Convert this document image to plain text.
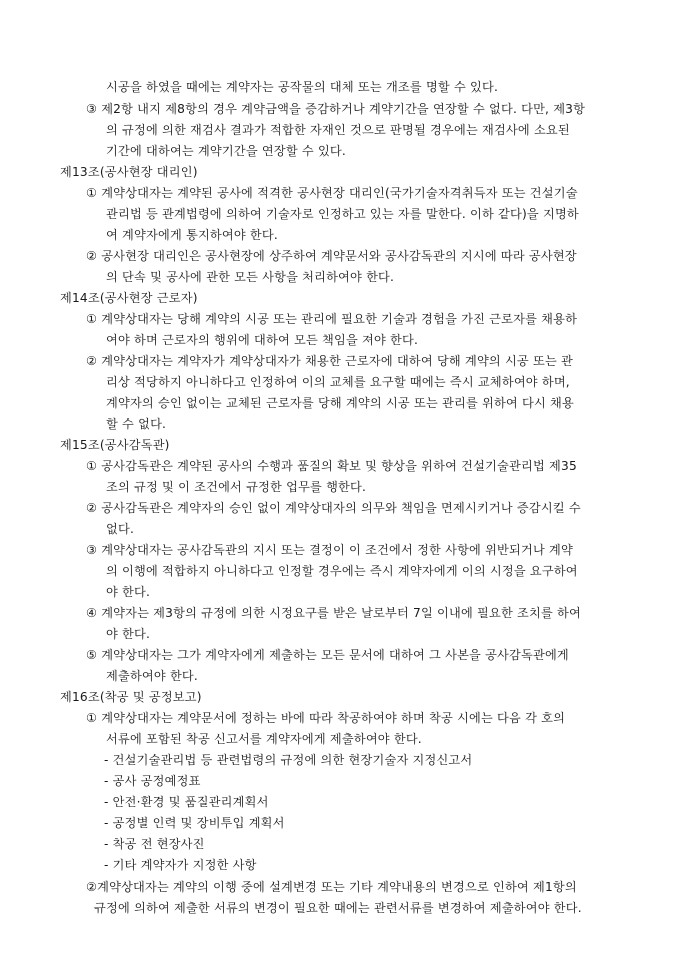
시공을 하였을 때에는 계약자는 공작물의 대체 또는 개조를 명할 수 있다.
③ 제2항 내지 제8항의 경우 계약금액을 증감하거나 계약기간을 연장할 수 없다. 다만, 제3항
의 규정에 의한 재검사 결과가 적합한 자재인 것으로 판명될 경우에는 재검사에 소요된
기간에 대하여는 계약기간을 연장할 수 있다.
제13조(공사현장 대리인)
① 계약상대자는 계약된 공사에 적격한 공사현장 대리인(국가기술자격취득자 또는 건설기술
관리법 등 관계법령에 의하여 기술자로 인정하고 있는 자를 말한다. 이하 같다)을 지명하
여 계약자에게 통지하여야 한다.
② 공사현장 대리인은 공사현장에 상주하여 계약문서와 공사감독관의 지시에 따라 공사현장
의 단속 및 공사에 관한 모든 사항을 처리하여야 한다.
제14조(공사현장 근로자)
① 계약상대자는 당해 계약의 시공 또는 관리에 필요한 기술과 경험을 가진 근로자를 채용하
여야 하며 근로자의 행위에 대하여 모든 책임을 져야 한다.
② 계약상대자는 계약자가 계약상대자가 채용한 근로자에 대하여 당해 계약의 시공 또는 관
리상 적당하지 아니하다고 인정하여 이의 교체를 요구할 때에는 즉시 교체하여야 하며,
계약자의 승인 없이는 교체된 근로자를 당해 계약의 시공 또는 관리를 위하여 다시 채용
할 수 없다.
제15조(공사감독관)
① 공사감독관은 계약된 공사의 수행과 품질의 확보 및 향상을 위하여 건설기술관리법 제35
조의 규정 및 이 조건에서 규정한 업무를 행한다.
② 공사감독관은 계약자의 승인 없이 계약상대자의 의무와 책임을 면제시키거나 증감시킬 수
없다.
③ 계약상대자는 공사감독관의 지시 또는 결정이 이 조건에서 정한 사항에 위반되거나 계약
의 이행에 적합하지 아니하다고 인정할 경우에는 즉시 계약자에게 이의 시정을 요구하여
야 한다.
④ 계약자는 제3항의 규정에 의한 시정요구를 받은 날로부터 7일 이내에 필요한 조치를 하여
야 한다.
⑤ 계약상대자는 그가 계약자에게 제출하는 모든 문서에 대하여 그 사본을 공사감독관에게
제출하여야 한다.
제16조(착공 및 공정보고)
① 계약상대자는 계약문서에 정하는 바에 따라 착공하여야 하며 착공 시에는 다음 각 호의
서류에 포함된 착공 신고서를 계약자에게 제출하여야 한다.
- 건설기술관리법 등 관련법령의 규정에 의한 현장기술자 지정신고서
- 공사 공정예정표
- 안전·환경 및 품질관리계획서
- 공정별 인력 및 장비투입 계획서
- 착공 전 현장사진
- 기타 계약자가 지정한 사항
②계약상대자는 계약의 이행 중에 설계변경 또는 기타 계약내용의 변경으로 인하여 제1항의
규정에 의하여 제출한 서류의 변경이 필요한 때에는 관련서류를 변경하여 제출하여야 한다.
